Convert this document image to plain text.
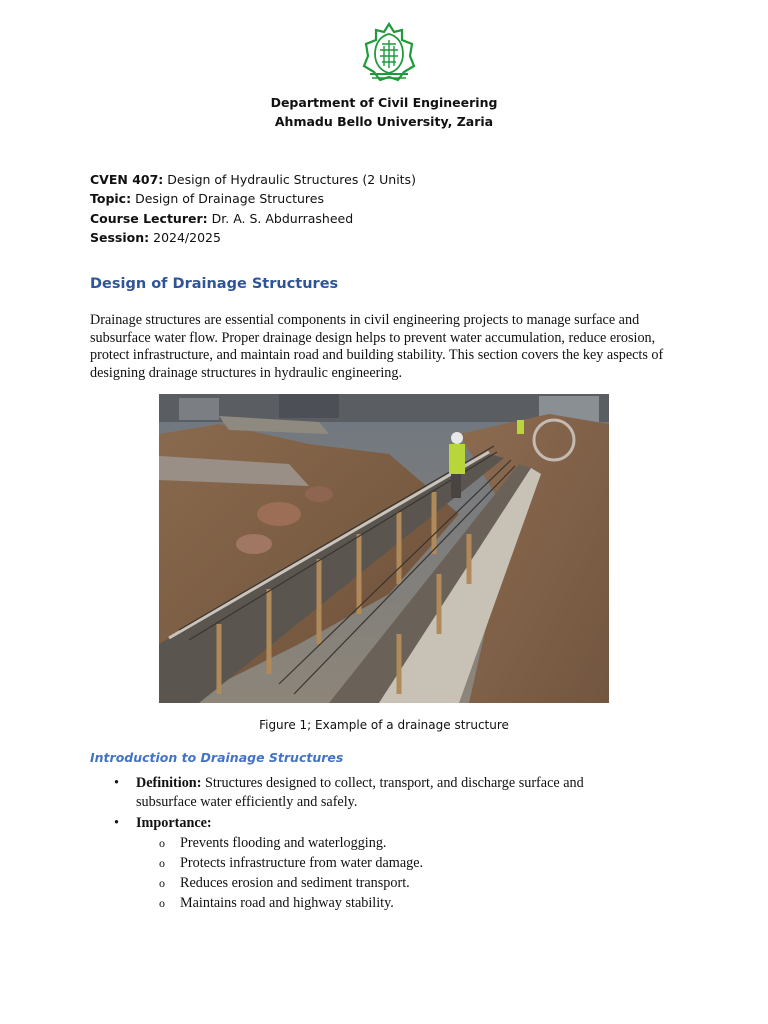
Department of Civil Engineering
Ahmadu Bello University, Zaria
CVEN 407: Design of Hydraulic Structures (2 Units)
Topic: Design of Drainage Structures
Course Lecturer: Dr. A. S. Abdurrasheed
Session: 2024/2025
Design of Drainage Structures
Drainage structures are essential components in civil engineering projects to manage surface and subsurface water flow. Proper drainage design helps to prevent water accumulation, reduce erosion, protect infrastructure, and maintain road and building stability. This section covers the key aspects of designing drainage structures in hydraulic engineering.
Figure 1; Example of a drainage structure
Introduction to Drainage Structures
• Definition: Structures designed to collect, transport, and discharge surface and subsurface water efficiently and safely.
• Importance:
o Prevents flooding and waterlogging.
o Protects infrastructure from water damage.
o Reduces erosion and sediment transport.
o Maintains road and highway stability.
